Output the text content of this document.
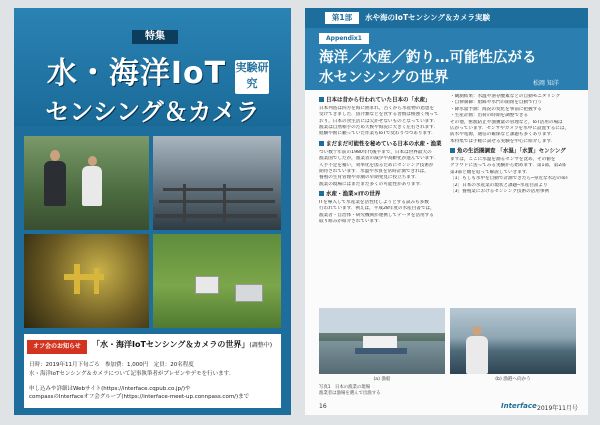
特集
水・海洋IoT 実験研究
センシング＆カメラ
オフ会のお知らせ	「水・海洋IoTセンシング＆カメラの世界」(調整中)
日時：2019年11月下旬ごろ　参加費：1,000円　定員：20名程度
水・海洋IoTセンシング＆カメラについて記事執筆者がプレゼンやデモを行います.
申し込みや詳細はWebサイト(https://interface.cqpub.co.jp/)や
compassのInterfaceオフ会グループ(https://interface-meet-up.connpass.com/)まで
第1部	水や海のIoTセンシング＆カメラ実験
Appendix1
海洋／水産／釣り…可能性広がる
水センシングの世界	松岡 知洋
日本は昔から行われていた日本の「水産」
日本列島は四方を海に囲まれ，古くから水産物の恩恵を
受けてきました．魚介類などを食する習慣は根強く残って
おり，日本の食生活には欠かせないものとなっています．
漁業は自然相手のため天候や海況に大きく左右されます．
経験や勘に頼っていた作業もIoTで変わりつつあります．
まだまだ可能性を秘めている日本の水産・漁業
つい数十年前の1980年代後半まで，日本は世界最大の
漁業国でしたが，漁業者の減少や高齢化が進んでいます．
人手不足を補い，効率化を図るためにセンシング技術が
期待されています．水温や水質を常時計測できれば，
養殖の生育管理や赤潮の早期発見に役立ちます．
漁業の現場にはまだまだ多くの可能性があります．
水産・漁業×ITの世界
ITを導入して水産業を活性化しようとする試みも多数
行われています．例えば，平成28年度の水産白書では，
漁業者・自治体・研究機関が連携してデータを活用する
取り組みが紹介されています．
・観測結果：水温や溶存酸素などの自動モニタリング
・自律制御：給餌や水門の開閉を自動で行う
・降水量予測：海況の変化を事前に把握する
・生産計画：出荷の時期を調整できる
その他，密漁防止や漁獲量の管理など，IoT活用の場は
広がっています．センサやカメラを水中に設置するには，
防水や電源，通信の確保など課題も多くあります．
本特集では手軽に試せる実験を中心に紹介します．
魚の生活圏調査 「水温」「水質」センシング
まずは，ここに水温を測るセンサを沈め，その値を
クラウドに送ってみる実験から始めます．第1部，第2部
第3部と順を追って解説していきます．
［1］もしも水中を自動で計測できたら─身近な水辺のIoT
［2］日本の水産業の現状と課題─水産白書より
［3］養殖業におけるセンシング技術の活用事例
(a) 漁船	(b) 漁港へ向かう
写真1　日本の漁業の現場
漁業者は漁場を選んで出漁する
16	Interface 2019年11月号
